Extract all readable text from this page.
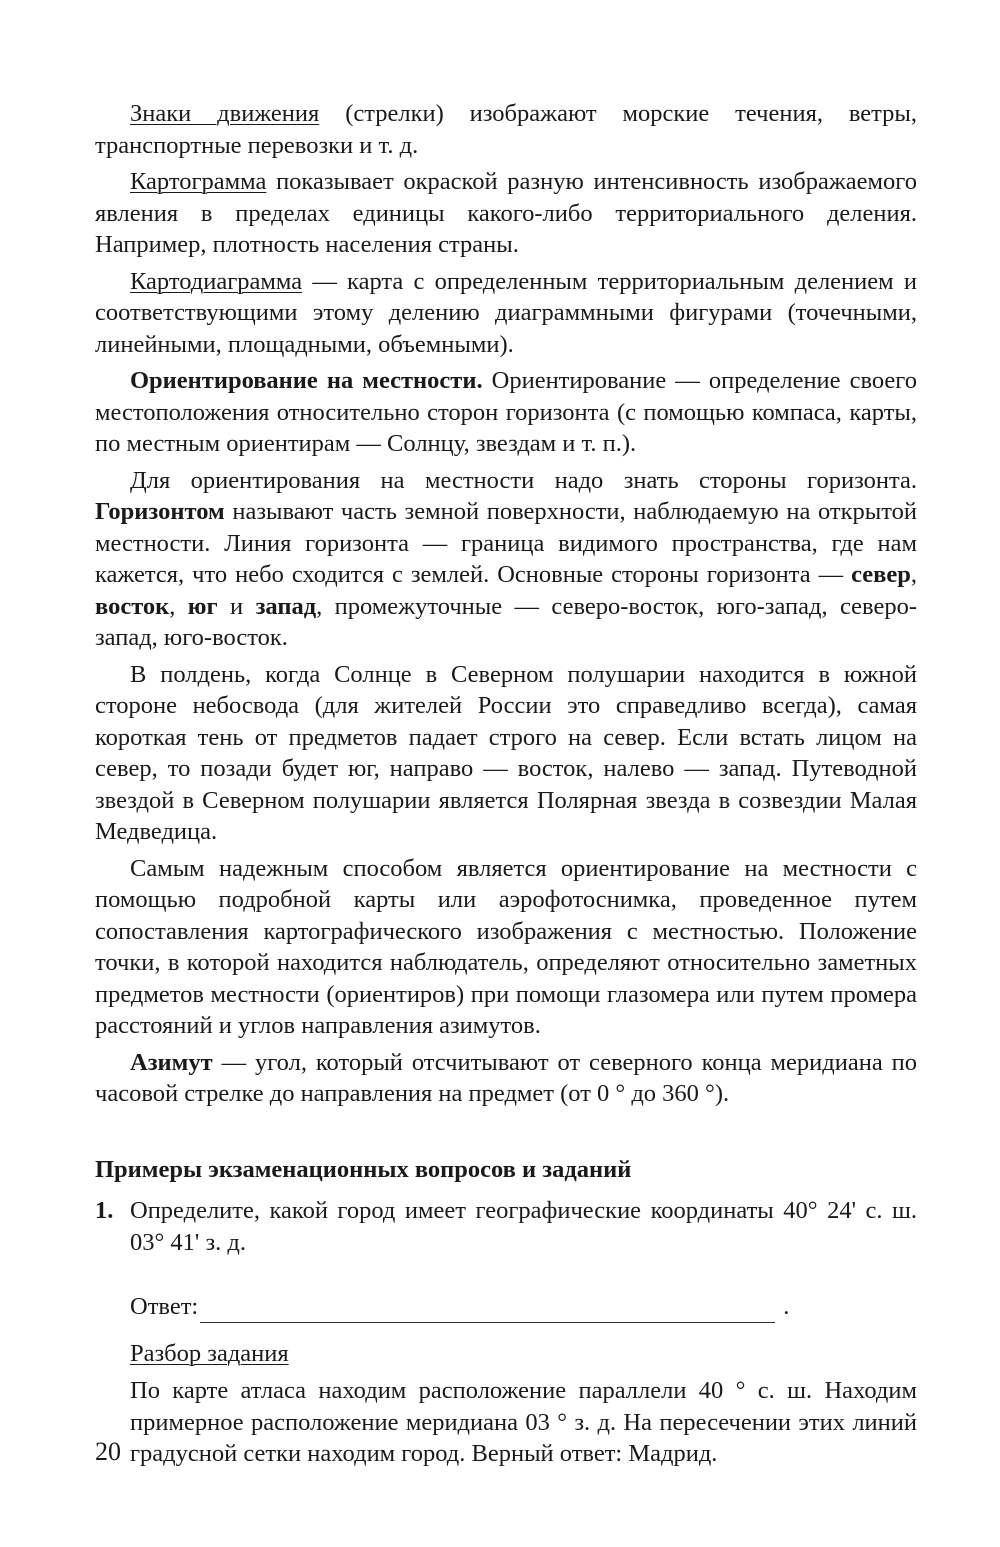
Знаки движения (стрелки) изображают морские течения, ветры, транспортные перевозки и т. д.

Картограмма показывает окраской разную интенсивность изображаемого явления в пределах единицы какого-либо территориального деления. Например, плотность населения страны.

Картодиаграмма — карта с определенным территориальным делением и соответствующими этому делению диаграммными фигурами (точечными, линейными, площадными, объемными).

Ориентирование на местности. Ориентирование — определение своего местоположения относительно сторон горизонта (с помощью компаса, карты, по местным ориентирам — Солнцу, звездам и т. п.).

Для ориентирования на местности надо знать стороны горизонта. Горизонтом называют часть земной поверхности, наблюдаемую на открытой местности. Линия горизонта — граница видимого пространства, где нам кажется, что небо сходится с землей. Основные стороны горизонта — север, восток, юг и запад, промежуточные — северо-восток, юго-запад, северо-запад, юго-восток.

В полдень, когда Солнце в Северном полушарии находится в южной стороне небосвода (для жителей России это справедливо всегда), самая короткая тень от предметов падает строго на север. Если встать лицом на север, то позади будет юг, направо — восток, налево — запад. Путеводной звездой в Северном полушарии является Полярная звезда в созвездии Малая Медведица.

Самым надежным способом является ориентирование на местности с помощью подробной карты или аэрофотоснимка, проведенное путем сопоставления картографического изображения с местностью. Положение точки, в которой находится наблюдатель, определяют относительно заметных предметов местности (ориентиров) при помощи глазомера или путем промера расстояний и углов направления азимутов.

Азимут — угол, который отсчитывают от северного конца меридиана по часовой стрелке до направления на предмет (от 0 ° до 360 °).

Примеры экзаменационных вопросов и заданий
1. Определите, какой город имеет географические координаты 40° 24' с. ш. 03° 41' з. д.
Ответ:	.
Разбор задания
По карте атласа находим расположение параллели 40 ° с. ш. Находим примерное расположение меридиана 03 ° з. д. На пересечении этих линий градусной сетки находим город. Верный ответ: Мадрид.
20
